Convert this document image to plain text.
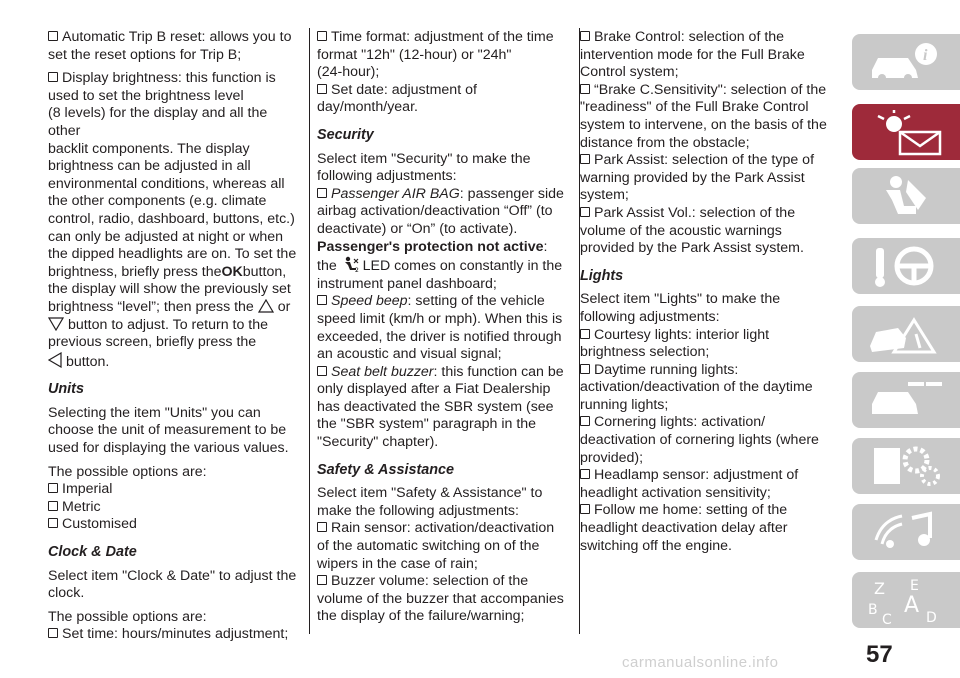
Automatic Trip B reset: allows you to
set the reset options for Trip B;
Display brightness: this function is
used to set the brightness level
(8 levels) for the display and all the other
backlit components. The display
brightness can be adjusted in all
environmental conditions, whereas all
the other components (e.g. climate
control, radio, dashboard, buttons, etc.)
can only be adjusted at night or when
the dipped headlights are on. To set the
brightness, briefly press theOKbutton,
the display will show the previously set
brightness “level”; then press the or
button to adjust. To return to the
previous screen, briefly press the
button.
Units
Selecting the item "Units" you can
choose the unit of measurement to be
used for displaying the various values.
The possible options are:
Imperial
Metric
Customised
Clock & Date
Select item "Clock & Date" to adjust the
clock.
The possible options are:
Set time: hours/minutes adjustment;
Time format: adjustment of the time
format "12h" (12-hour) or "24h"
(24-hour);
Set date: adjustment of
day/month/year.
Security
Select item "Security" to make the
following adjustments:
Passenger AIR BAG: passenger side
airbag activation/deactivation “Off” (to
deactivate) or “On” (to activate).
Passenger's protection not active:
the	2 LED comes on constantly in the
instrument panel dashboard;
Speed beep: setting of the vehicle
speed limit (km/h or mph). When this is
exceeded, the driver is notified through
an acoustic and visual signal;
Seat belt buzzer: this function can be
only displayed after a Fiat Dealership
has deactivated the SBR system (see
the "SBR system" paragraph in the
"Security" chapter).
Safety & Assistance
Select item "Safety & Assistance" to
make the following adjustments:
Rain sensor: activation/deactivation
of the automatic switching on of the
wipers in the case of rain;
Buzzer volume: selection of the
volume of the buzzer that accompanies
the display of the failure/warning;
Brake Control: selection of the
intervention mode for the Full Brake
Control system;
“Brake C.Sensitivity": selection of the
"readiness" of the Full Brake Control
system to intervene, on the basis of the
distance from the obstacle;
Park Assist: selection of the type of
warning provided by the Park Assist
system;
Park Assist Vol.: selection of the
volume of the acoustic warnings
provided by the Park Assist system.
Lights
Select item "Lights" to make the
following adjustments:
Courtesy lights: interior light
brightness selection;
Daytime running lights:
activation/deactivation of the daytime
running lights;
Cornering lights: activation/
deactivation of cornering lights (where
provided);
Headlamp sensor: adjustment of
headlight activation sensitivity;
Follow me home: setting of the
headlight deactivation delay after
switching off the engine.
i
Z E
B A
C D
57
carmanualsonline.info
